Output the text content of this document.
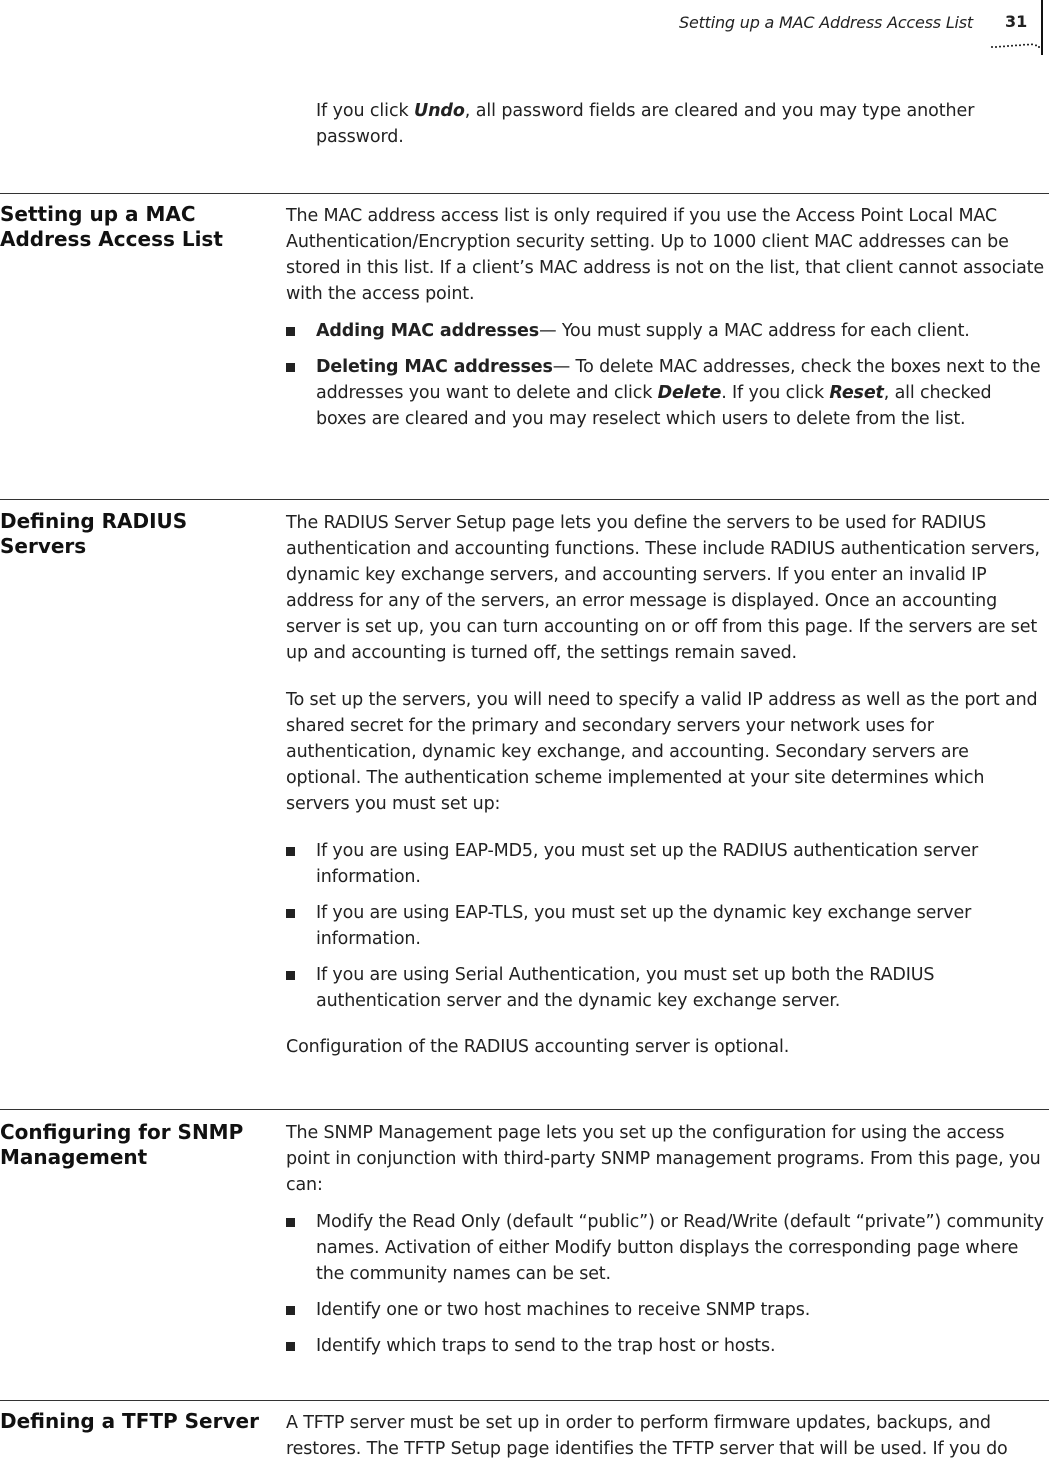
Setting up a MAC Address Access List 31
If you click Undo, all password fields are cleared and you may type another password.
Setting up a MAC Address Access List

The MAC address access list is only required if you use the Access Point Local MAC Authentication/Encryption security setting. Up to 1000 client MAC addresses can be stored in this list. If a client’s MAC address is not on the list, that client cannot associate with the access point.

Adding MAC addresses— You must supply a MAC address for each client.
Deleting MAC addresses— To delete MAC addresses, check the boxes next to the addresses you want to delete and click Delete. If you click Reset, all checked boxes are cleared and you may reselect which users to delete from the list.
Defining RADIUS Servers

The RADIUS Server Setup page lets you define the servers to be used for RADIUS authentication and accounting functions. These include RADIUS authentication servers, dynamic key exchange servers, and accounting servers. If you enter an invalid IP address for any of the servers, an error message is displayed. Once an accounting server is set up, you can turn accounting on or off from this page. If the servers are set up and accounting is turned off, the settings remain saved.

To set up the servers, you will need to specify a valid IP address as well as the port and shared secret for the primary and secondary servers your network uses for authentication, dynamic key exchange, and accounting. Secondary servers are optional. The authentication scheme implemented at your site determines which servers you must set up:

If you are using EAP-MD5, you must set up the RADIUS authentication server information.
If you are using EAP-TLS, you must set up the dynamic key exchange server information.
If you are using Serial Authentication, you must set up both the RADIUS authentication server and the dynamic key exchange server.

Configuration of the RADIUS accounting server is optional.

Configuring for SNMP Management

The SNMP Management page lets you set up the configuration for using the access point in conjunction with third-party SNMP management programs. From this page, you can:

Modify the Read Only (default “public”) or Read/Write (default “private”) community names. Activation of either Modify button displays the corresponding page where the community names can be set.
Identify one or two host machines to receive SNMP traps.
Identify which traps to send to the trap host or hosts.
Defining a TFTP Server	A TFTP server must be set up in order to perform firmware updates, backups, and restores. The TFTP Setup page identifies the TFTP server that will be used. If you do
